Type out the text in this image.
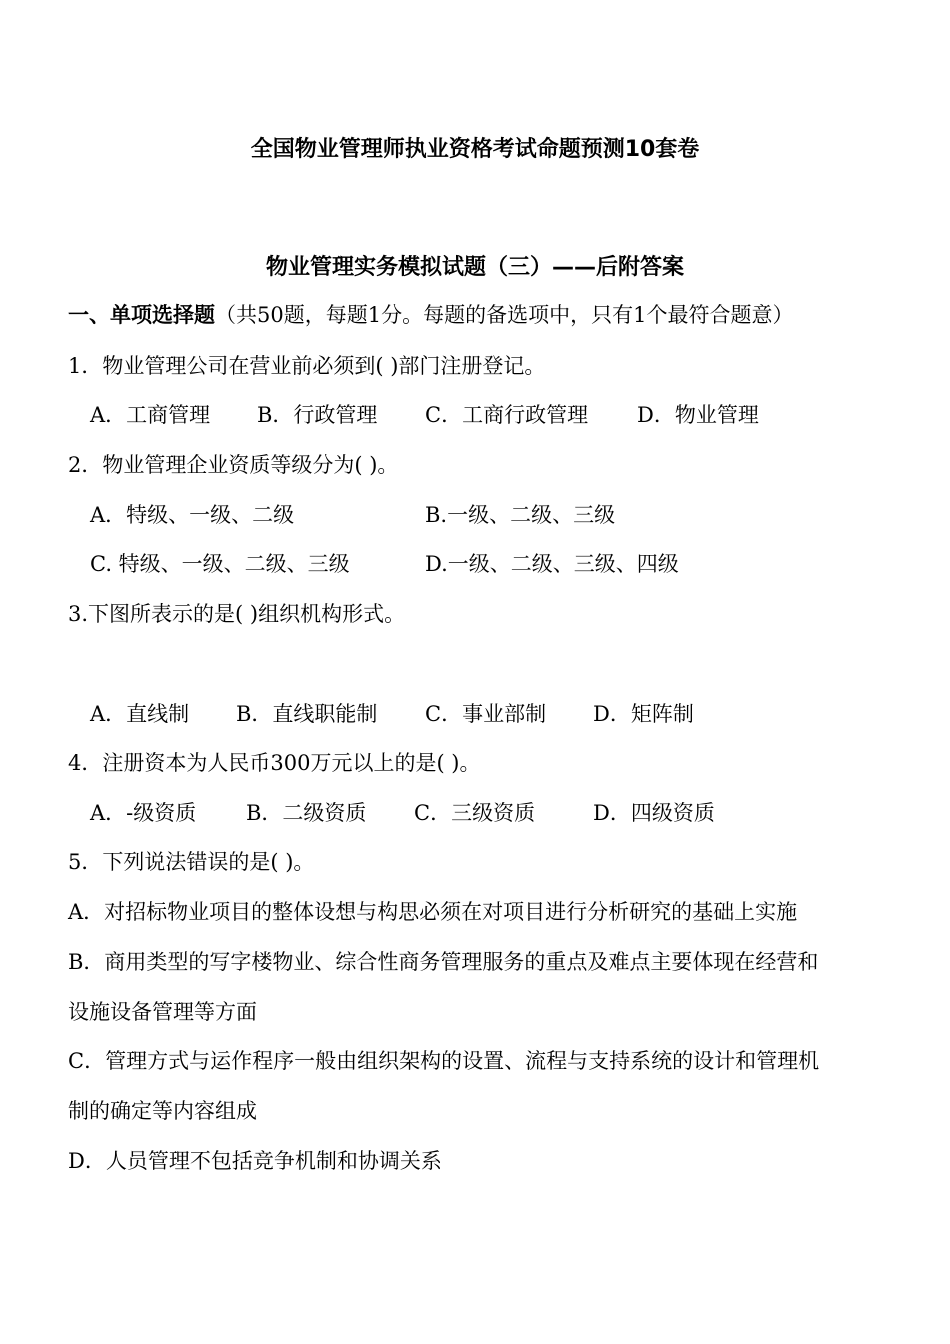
全国物业管理师执业资格考试命题预测10套卷
物业管理实务模拟试题（三）——后附答案
一、单项选择题（共50题，每题1分。每题的备选项中，只有1个最符合题意）
1．物业管理公司在营业前必须到( )部门注册登记。
A．工商管理 B．行政管理 C．工商行政管理 D．物业管理
2．物业管理企业资质等级分为( )。
A．特级、一级、二级	B.一级、二级、三级
C. 特级、一级、二级、三级	D.一级、二级、三级、四级
3.下图所表示的是( )组织机构形式。
A．直线制 B．直线职能制 C．事业部制 D．矩阵制
4．注册资本为人民币300万元以上的是( )。
A．-级资质 B．二级资质 C．三级资质	D．四级资质
5．下列说法错误的是( )。
A．对招标物业项目的整体设想与构思必须在对项目进行分析研究的基础上实施
B．商用类型的写字楼物业、综合性商务管理服务的重点及难点主要体现在经营和
设施设备管理等方面
C．管理方式与运作程序一般由组织架构的设置、流程与支持系统的设计和管理机
制的确定等内容组成
D．人员管理不包括竞争机制和协调关系
